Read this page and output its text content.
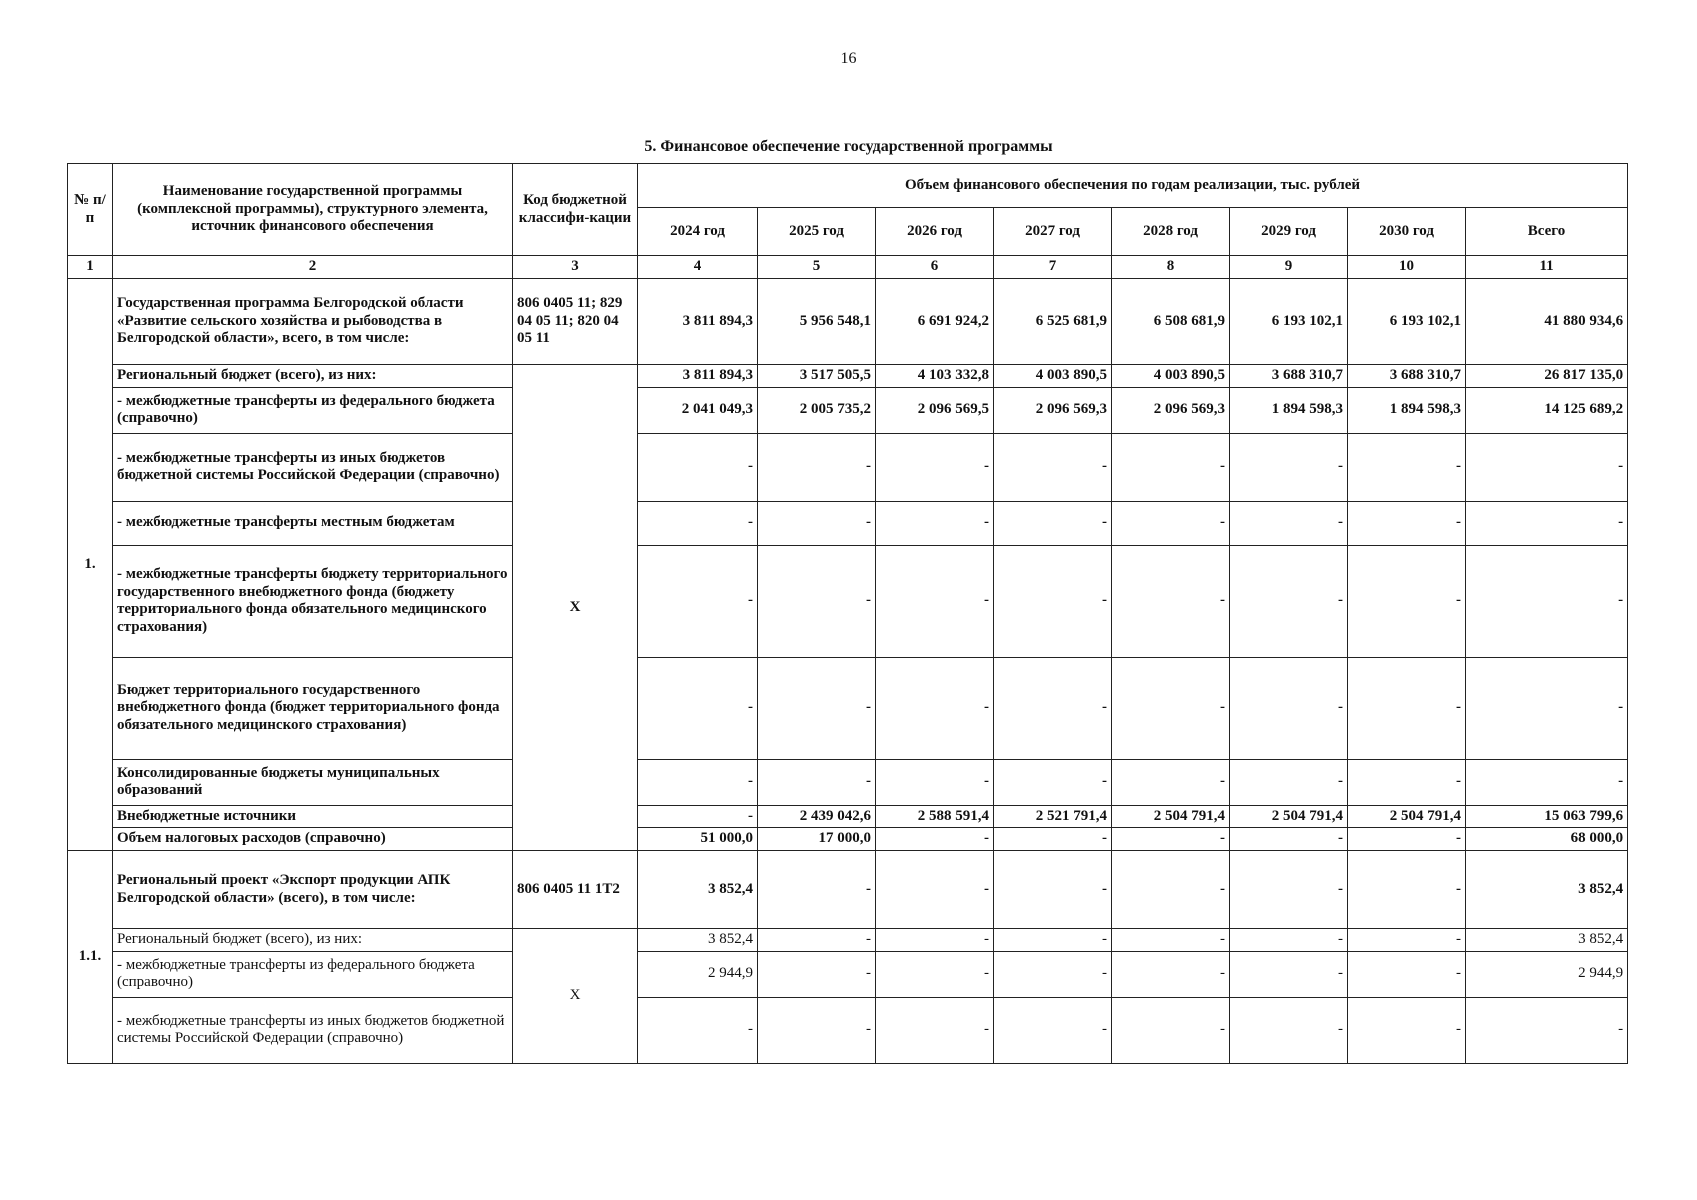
16
5. Финансовое обеспечение государственной программы
№ п/п	Наименование государственной программы (комплексной программы), структурного элемента, источник финансового обеспечения	Код бюджетной классифи-кации	Объем финансового обеспечения по годам реализации, тыс. рублей							
			2024 год	2025 год	2026 год	2027 год	2028 год	2029 год	2030 год	Всего
1	2	3	4	5	6	7	8	9	10	11
1.	Государственная программа Белгородской области «Развитие сельского хозяйства и рыбоводства в Белгородской области», всего, в том числе:	806 0405 11; 829 04 05 11; 820 04 05 11	3 811 894,3	5 956 548,1	6 691 924,2	6 525 681,9	6 508 681,9	6 193 102,1	6 193 102,1	41 880 934,6
	Региональный бюджет (всего), из них:	X	3 811 894,3	3 517 505,5	4 103 332,8	4 003 890,5	4 003 890,5	3 688 310,7	3 688 310,7	26 817 135,0
	- межбюджетные трансферты из федерального бюджета (справочно)		2 041 049,3	2 005 735,2	2 096 569,5	2 096 569,3	2 096 569,3	1 894 598,3	1 894 598,3	14 125 689,2
	- межбюджетные трансферты из иных бюджетов бюджетной системы Российской Федерации (справочно)		-	-	-	-	-	-	-	-
	- межбюджетные трансферты местным бюджетам		-	-	-	-	-	-	-	-
	- межбюджетные трансферты бюджету территориального государственного внебюджетного фонда (бюджету территориального фонда обязательного медицинского страхования)		-	-	-	-	-	-	-	-
	Бюджет территориального государственного внебюджетного фонда (бюджет территориального фонда обязательного медицинского страхования)		-	-	-	-	-	-	-	-
	Консолидированные бюджеты муниципальных образований		-	-	-	-	-	-	-	-
	Внебюджетные источники		-	2 439 042,6	2 588 591,4	2 521 791,4	2 504 791,4	2 504 791,4	2 504 791,4	15 063 799,6
	Объем налоговых расходов (справочно)		51 000,0	17 000,0	-	-	-	-	-	68 000,0
1.1.	Региональный проект «Экспорт продукции АПК Белгородской области» (всего), в том числе:	806 0405 11 1T2	3 852,4	-	-	-	-	-	-	3 852,4
	Региональный бюджет (всего), из них:	X	3 852,4	-	-	-	-	-	-	3 852,4
	- межбюджетные трансферты из федерального бюджета (справочно)		2 944,9	-	-	-	-	-	-	2 944,9
	- межбюджетные трансферты из иных бюджетов бюджетной системы Российской Федерации (справочно)		-	-	-	-	-	-	-	-
